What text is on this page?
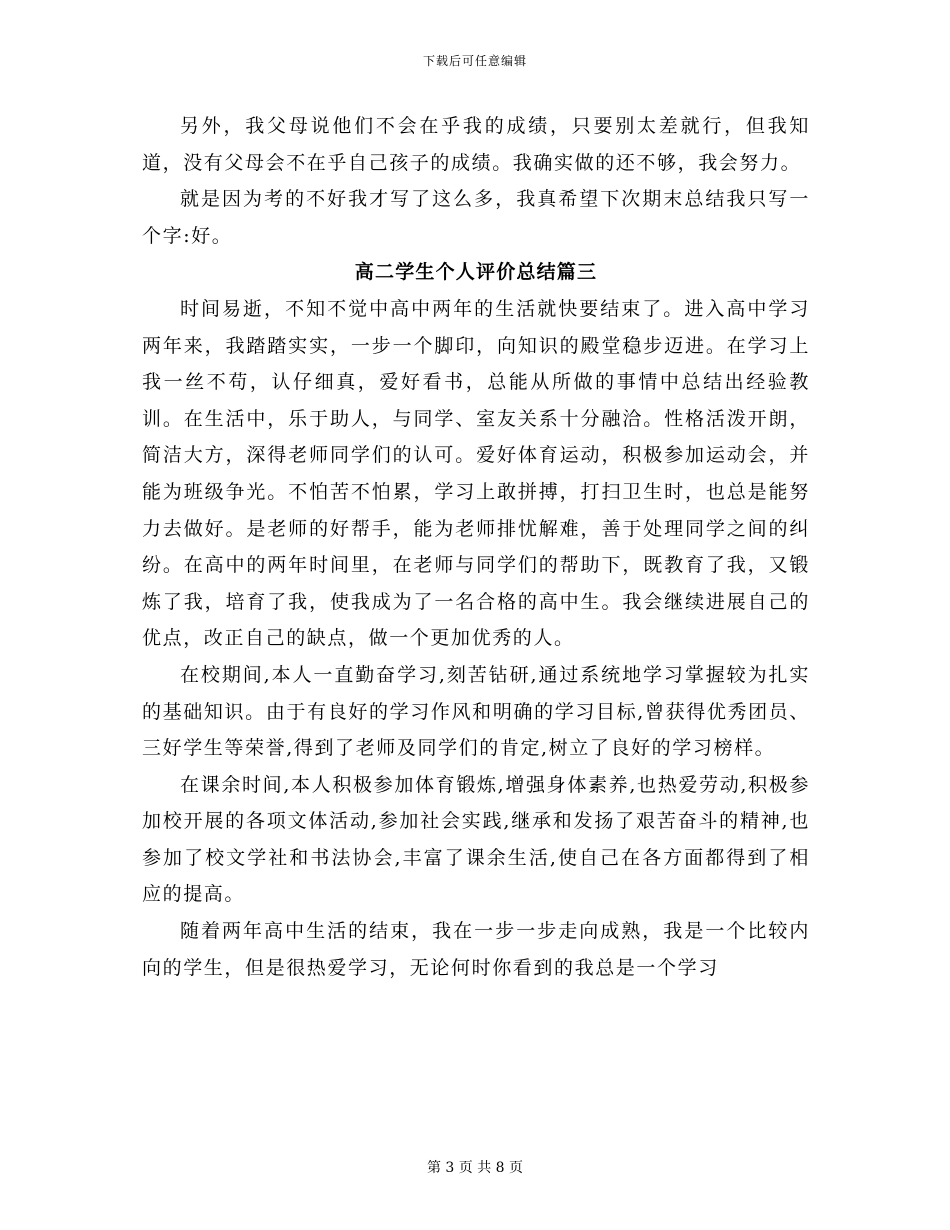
下载后可任意编辑

另外，我父母说他们不会在乎我的成绩，只要别太差就行，但我知道，没有父母会不在乎自己孩子的成绩。我确实做的还不够，我会努力。

就是因为考的不好我才写了这么多，我真希望下次期末总结我只写一个字:好。

高二学生个人评价总结篇三

时间易逝，不知不觉中高中两年的生活就快要结束了。进入高中学习两年来，我踏踏实实，一步一个脚印，向知识的殿堂稳步迈进。在学习上我一丝不苟，认仔细真，爱好看书，总能从所做的事情中总结出经验教训。在生活中，乐于助人，与同学、室友关系十分融洽。性格活泼开朗，简洁大方，深得老师同学们的认可。爱好体育运动，积极参加运动会，并能为班级争光。不怕苦不怕累，学习上敢拼搏，打扫卫生时，也总是能努力去做好。是老师的好帮手，能为老师排忧解难，善于处理同学之间的纠纷。在高中的两年时间里，在老师与同学们的帮助下，既教育了我，又锻炼了我，培育了我，使我成为了一名合格的高中生。我会继续进展自己的优点，改正自己的缺点，做一个更加优秀的人。

在校期间,本人一直勤奋学习,刻苦钻研,通过系统地学习掌握较为扎实的基础知识。由于有良好的学习作风和明确的学习目标,曾获得优秀团员、三好学生等荣誉,得到了老师及同学们的肯定,树立了良好的学习榜样。

在课余时间,本人积极参加体育锻炼,增强身体素养,也热爱劳动,积极参加校开展的各项文体活动,参加社会实践,继承和发扬了艰苦奋斗的精神,也参加了校文学社和书法协会,丰富了课余生活,使自己在各方面都得到了相应的提高。

随着两年高中生活的结束，我在一步一步走向成熟，我是一个比较内向的学生，但是很热爱学习，无论何时你看到的我总是一个学习

第 3 页 共 8 页
